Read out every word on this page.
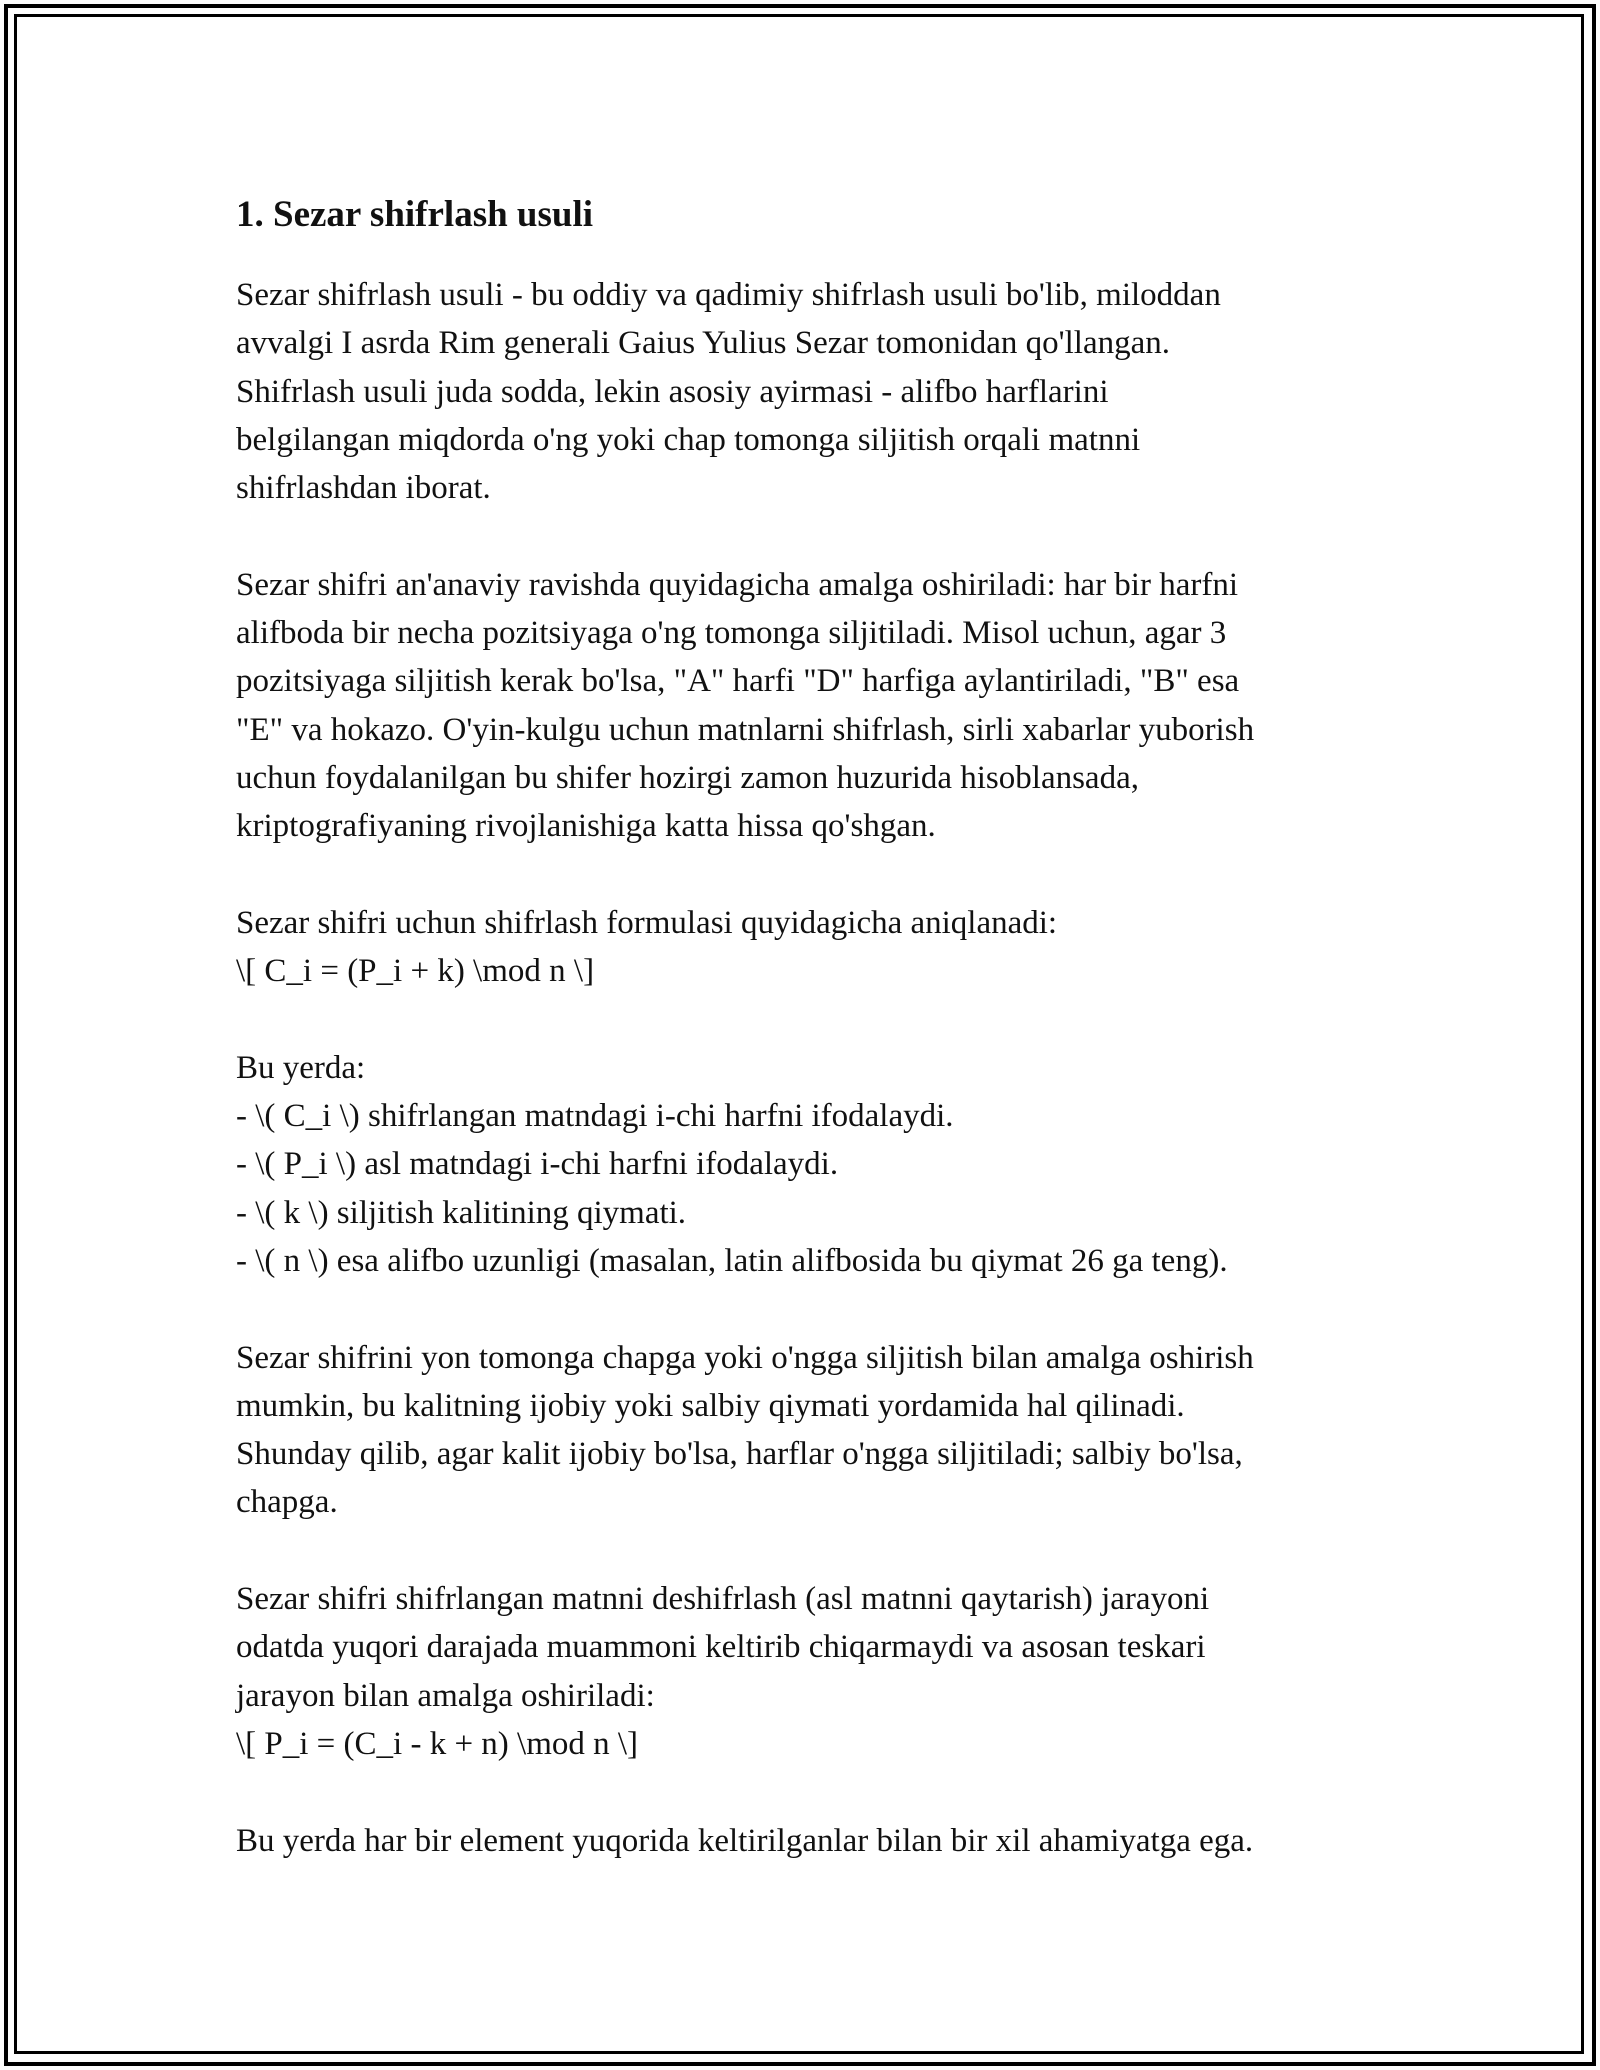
1. Sezar shifrlash usuli

Sezar shifrlash usuli - bu oddiy va qadimiy shifrlash usuli bo'lib, miloddan
avvalgi I asrda Rim generali Gaius Yulius Sezar tomonidan qo'llangan.
Shifrlash usuli juda sodda, lekin asosiy ayirmasi - alifbo harflarini
belgilangan miqdorda o'ng yoki chap tomonga siljitish orqali matnni
shifrlashdan iborat.

Sezar shifri an'anaviy ravishda quyidagicha amalga oshiriladi: har bir harfni
alifboda bir necha pozitsiyaga o'ng tomonga siljitiladi. Misol uchun, agar 3
pozitsiyaga siljitish kerak bo'lsa, "A" harfi "D" harfiga aylantiriladi, "B" esa
"E" va hokazo. O'yin-kulgu uchun matnlarni shifrlash, sirli xabarlar yuborish
uchun foydalanilgan bu shifer hozirgi zamon huzurida hisoblansada,
kriptografiyaning rivojlanishiga katta hissa qo'shgan.

Sezar shifri uchun shifrlash formulasi quyidagicha aniqlanadi:
\[ C_i = (P_i + k) \mod n \]

Bu yerda:
- \( C_i \) shifrlangan matndagi i-chi harfni ifodalaydi.
- \( P_i \) asl matndagi i-chi harfni ifodalaydi.
- \( k \) siljitish kalitining qiymati.
- \( n \) esa alifbo uzunligi (masalan, latin alifbosida bu qiymat 26 ga teng).

Sezar shifrini yon tomonga chapga yoki o'ngga siljitish bilan amalga oshirish
mumkin, bu kalitning ijobiy yoki salbiy qiymati yordamida hal qilinadi.
Shunday qilib, agar kalit ijobiy bo'lsa, harflar o'ngga siljitiladi; salbiy bo'lsa,
chapga.

Sezar shifri shifrlangan matnni deshifrlash (asl matnni qaytarish) jarayoni
odatda yuqori darajada muammoni keltirib chiqarmaydi va asosan teskari
jarayon bilan amalga oshiriladi:
\[ P_i = (C_i - k + n) \mod n \]

Bu yerda har bir element yuqorida keltirilganlar bilan bir xil ahamiyatga ega.
